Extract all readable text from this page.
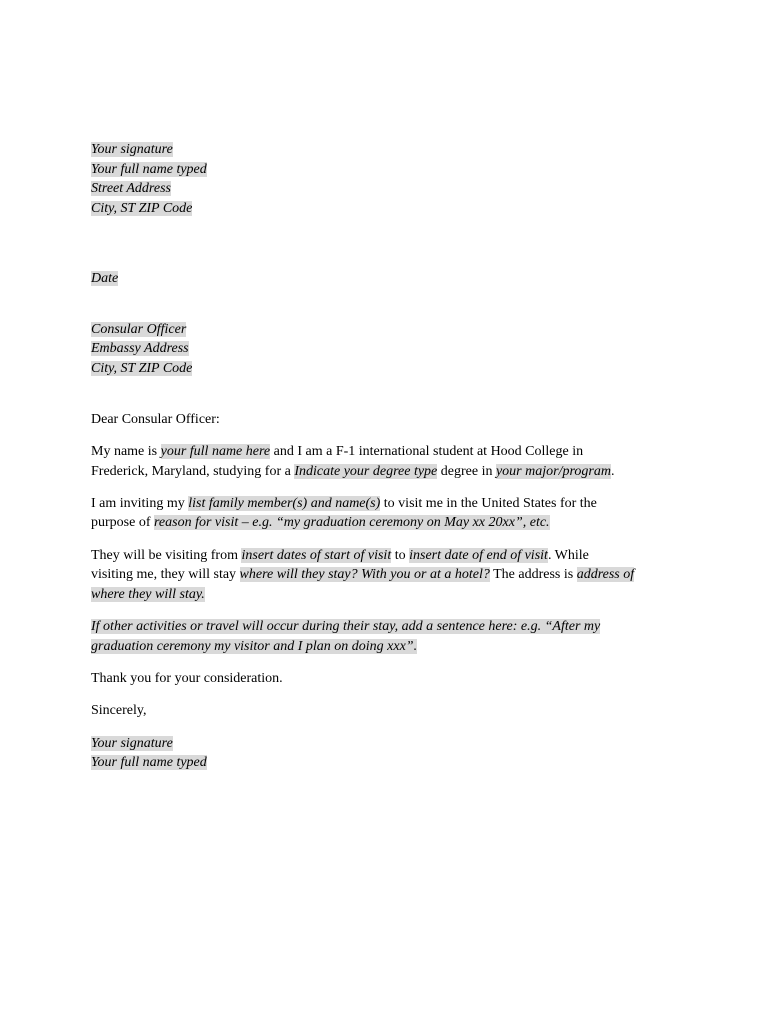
Your signature
Your full name typed
Street Address
City, ST ZIP Code
Date
Consular Officer
Embassy Address
City, ST ZIP Code

Dear Consular Officer:

My name is your full name here and I am a F-1 international student at Hood College in
Frederick, Maryland, studying for a Indicate your degree type degree in your major/program.

I am inviting my list family member(s) and name(s) to visit me in the United States for the
purpose of reason for visit – e.g. “my graduation ceremony on May xx 20xx”, etc.

They will be visiting from insert dates of start of visit to insert date of end of visit. While
visiting me, they will stay where will they stay? With you or at a hotel? The address is address of
where they will stay.

If other activities or travel will occur during their stay, add a sentence here: e.g. “After my
graduation ceremony my visitor and I plan on doing xxx”.

Thank you for your consideration.

Sincerely,

Your signature
Your full name typed
